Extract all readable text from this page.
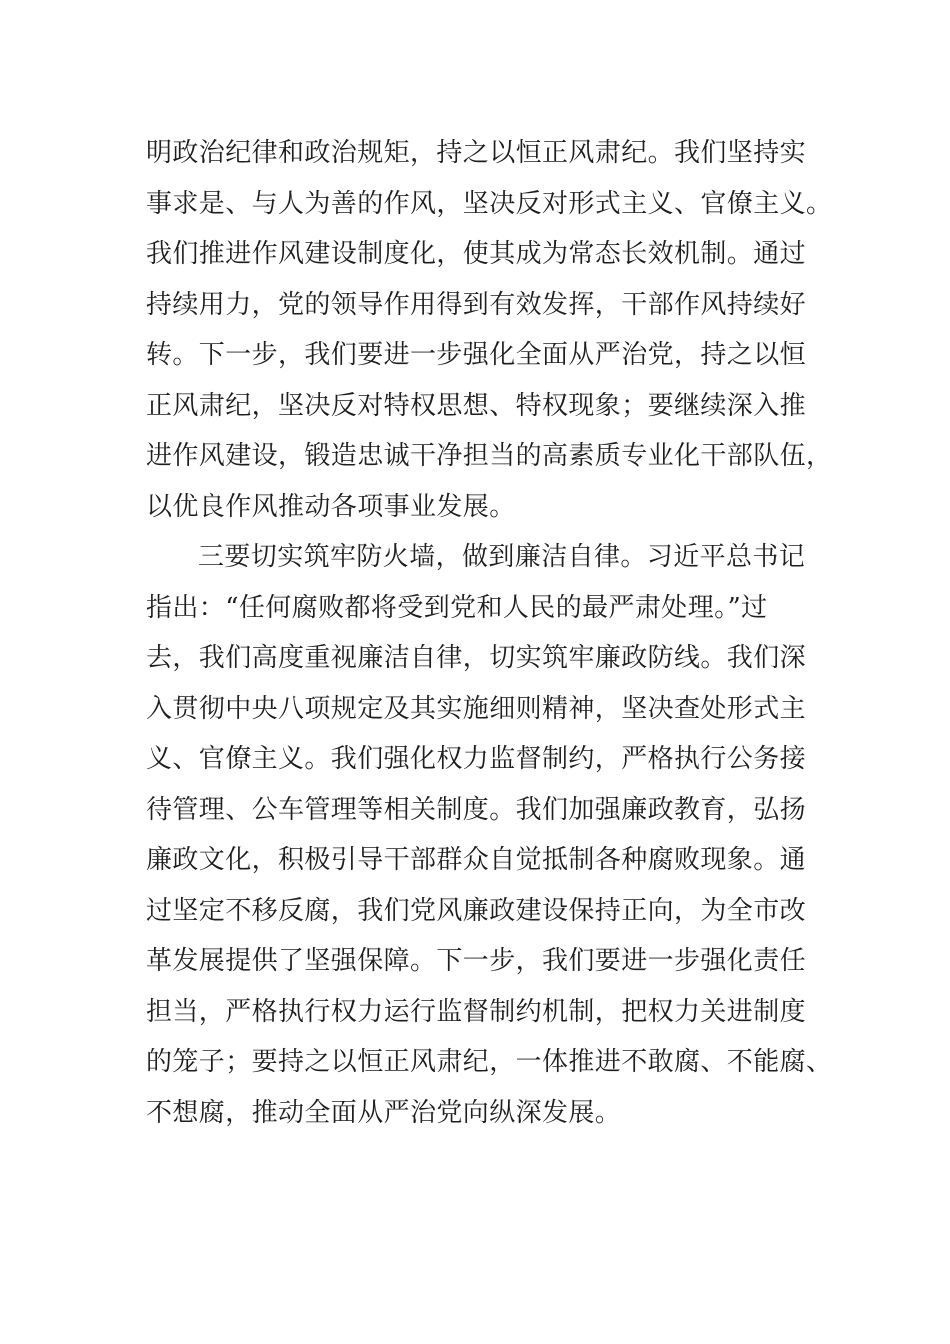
明政治纪律和政治规矩，持之以恒正风肃纪。我们坚持实
事求是、与人为善的作风，坚决反对形式主义、官僚主义。
我们推进作风建设制度化，使其成为常态长效机制。通过
持续用力，党的领导作用得到有效发挥，干部作风持续好
转。下一步，我们要进一步强化全面从严治党，持之以恒
正风肃纪，坚决反对特权思想、特权现象；要继续深入推
进作风建设，锻造忠诚干净担当的高素质专业化干部队伍，
以优良作风推动各项事业发展。
三要切实筑牢防火墙，做到廉洁自律。习近平总书记
指出：“任何腐败都将受到党和人民的最严肃处理。”过
去，我们高度重视廉洁自律，切实筑牢廉政防线。我们深
入贯彻中央八项规定及其实施细则精神，坚决查处形式主
义、官僚主义。我们强化权力监督制约，严格执行公务接
待管理、公车管理等相关制度。我们加强廉政教育，弘扬
廉政文化，积极引导干部群众自觉抵制各种腐败现象。通
过坚定不移反腐，我们党风廉政建设保持正向，为全市改
革发展提供了坚强保障。下一步，我们要进一步强化责任
担当，严格执行权力运行监督制约机制，把权力关进制度
的笼子；要持之以恒正风肃纪，一体推进不敢腐、不能腐、
不想腐，推动全面从严治党向纵深发展。
